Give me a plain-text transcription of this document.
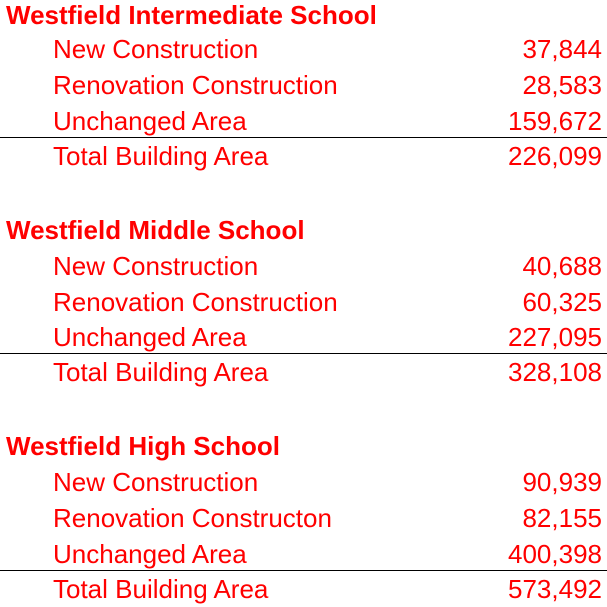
Westfield Intermediate School
New Construction	37,844
Renovation Construction	28,583
Unchanged Area	159,672
Total Building Area	226,099
Westfield Middle School
New Construction	40,688
Renovation Construction	60,325
Unchanged Area	227,095
Total Building Area	328,108
Westfield High School
New Construction	90,939
Renovation Constructon	82,155
Unchanged Area	400,398
Total Building Area	573,492
